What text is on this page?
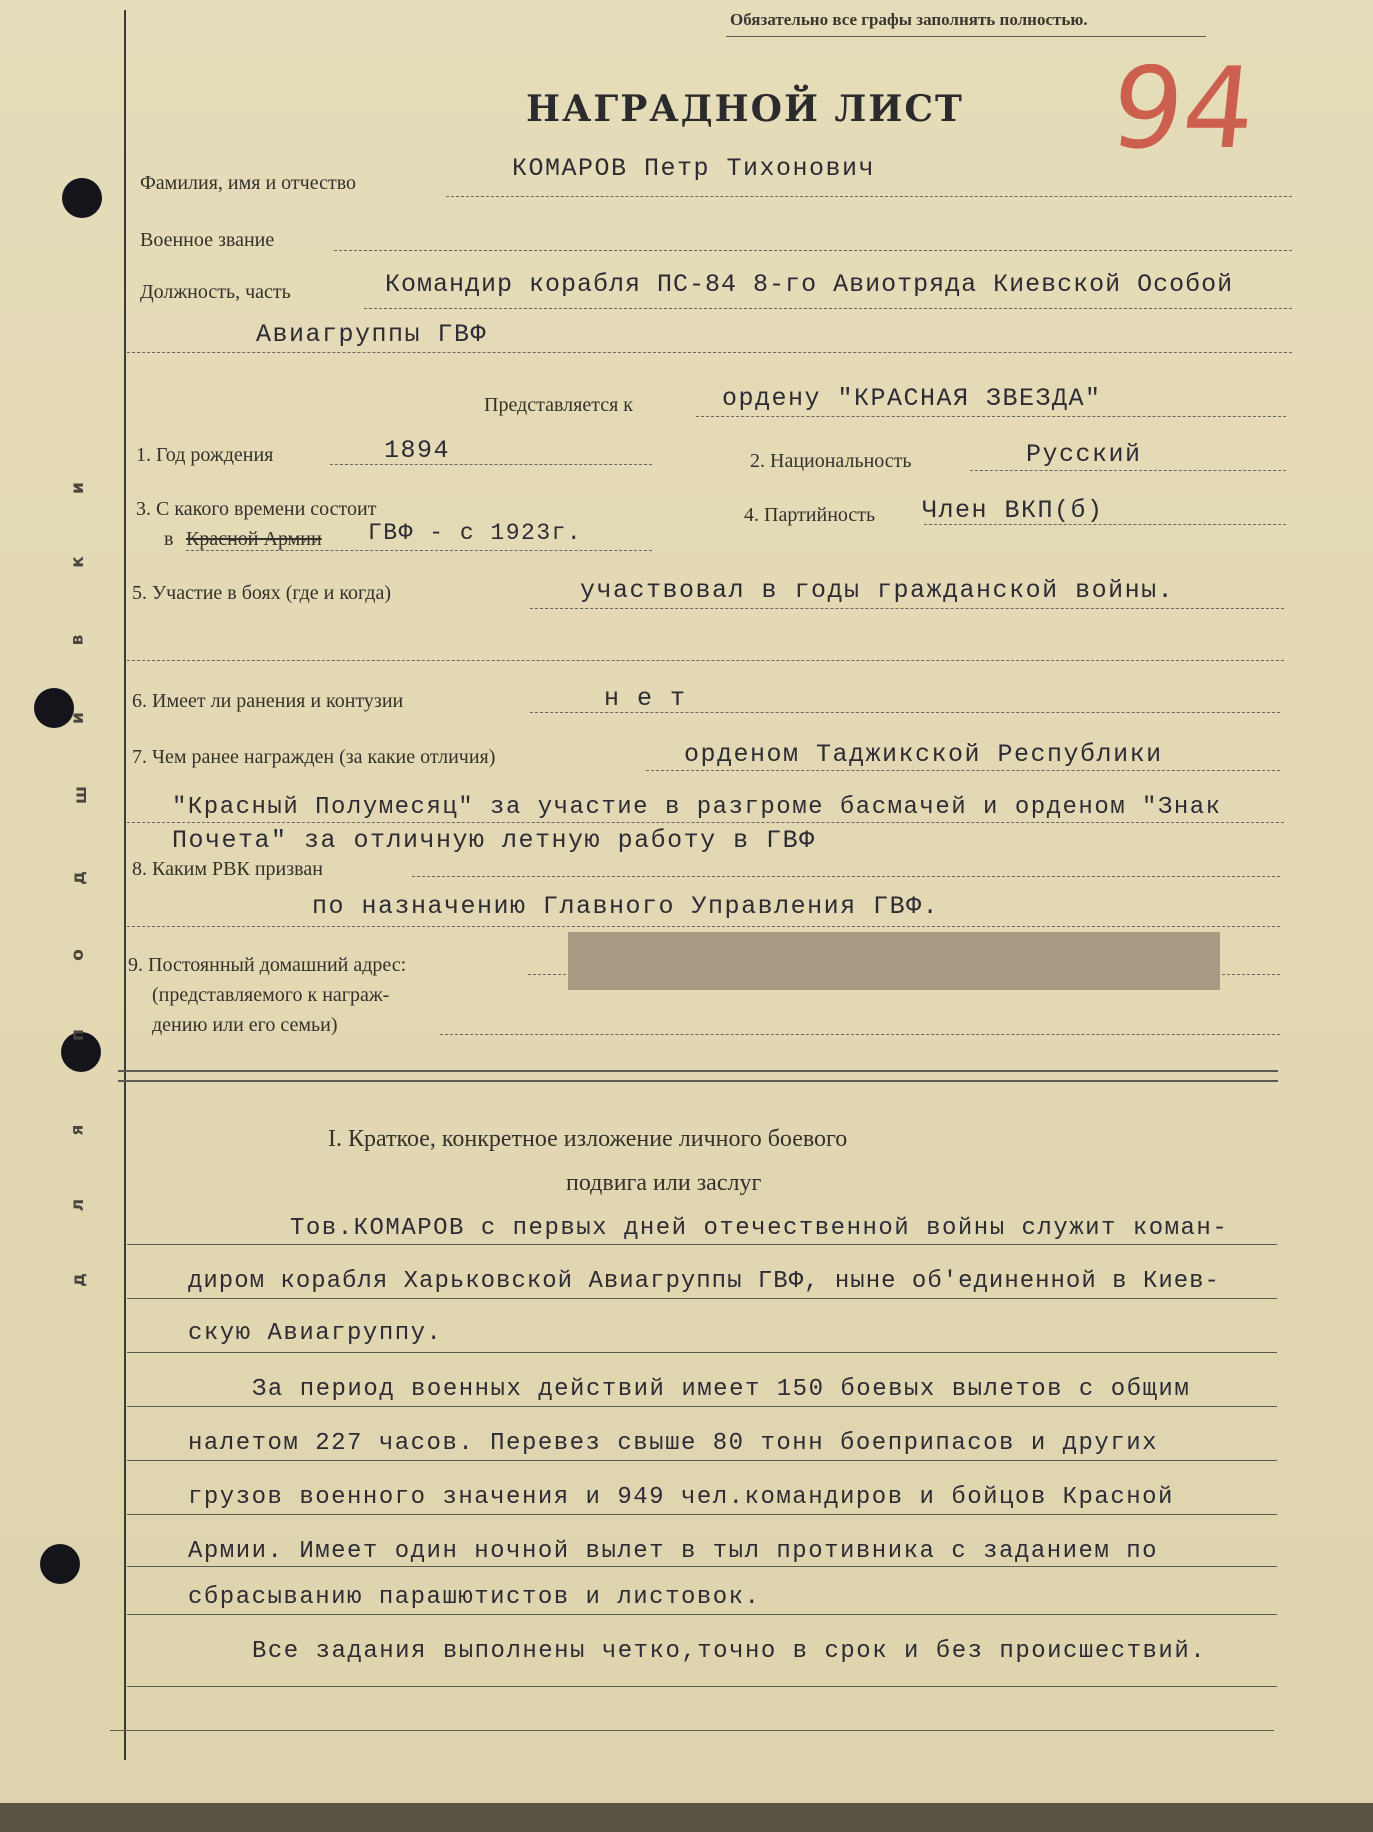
Обязательно все графы заполнять полностью.
НАГРАДНОЙ ЛИСТ 94
д
л
я
п
о
д
ш
и
в
к
и
Фамилия, имя и отчество	КОМАРОВ Петр Тихонович
Военное звание
Должность, часть	Командир корабля ПС-84 8-го Авиотряда Киевской Особой
Авиагруппы ГВФ
Представляется к	ордену "КРАСНАЯ ЗВЕЗДА"
1. Год рождения	1894	2. Национальность	Русский
3. С какого времени состоит
в Красной Армии ГВФ - с 1923г.
4. Партийность Член ВКП(б)
5. Участие в боях (где и когда)	участвовал в годы гражданской войны.
6. Имеет ли ранения и контузии	н е т
7. Чем ранее награжден (за какие отличия)	орденом Таджикской Республики
"Красный Полумесяц" за участие в разгроме басмачей и орденом "Знак
Почета" за отличную летную работу в ГВФ
8. Каким РВК призван
по назначению Главного Управления ГВФ.
9. Постоянный домашний адрес:
(представляемого к награж-
дению или его семьи)
I. Краткое, конкретное изложение личного боевого
подвига или заслуг
Тов.КОМАРОВ с первых дней отечественной войны служит коман-
диром корабля Харьковской Авиагруппы ГВФ, ныне об'единенной в Киев-
скую Авиагруппу.
За период военных действий имеет 150 боевых вылетов с общим
налетом 227 часов. Перевез свыше 80 тонн боеприпасов и других
грузов военного значения и 949 чел.командиров и бойцов Красной
Армии. Имеет один ночной вылет в тыл противника с заданием по
сбрасыванию парашютистов и листовок.
Все задания выполнены четко,точно в срок и без происшествий.
